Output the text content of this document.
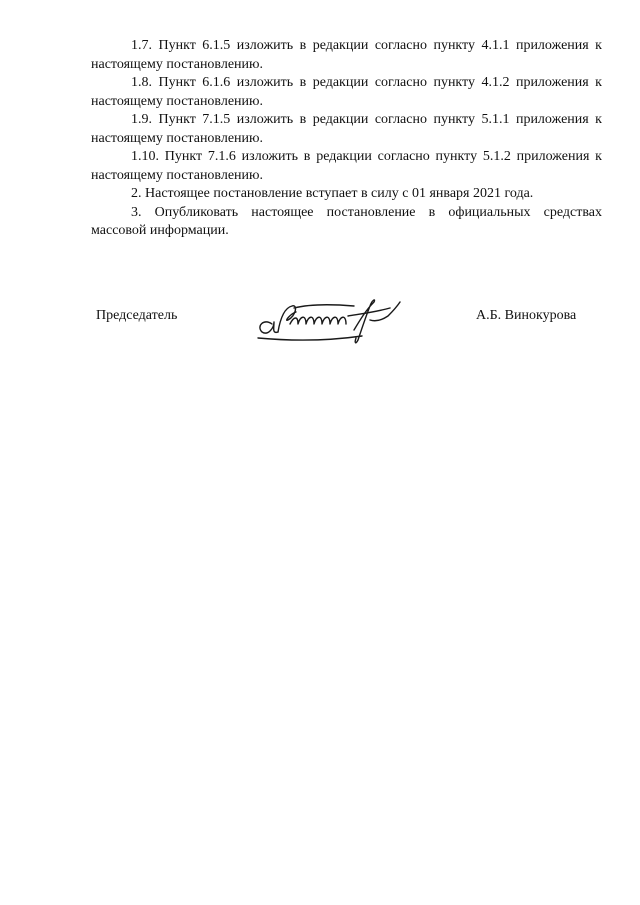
1.7. Пункт 6.1.5 изложить в редакции согласно пункту 4.1.1 приложения к настоящему постановлению.

1.8. Пункт 6.1.6 изложить в редакции согласно пункту 4.1.2 приложения к настоящему постановлению.

1.9. Пункт 7.1.5 изложить в редакции согласно пункту 5.1.1 приложения к настоящему постановлению.

1.10. Пункт 7.1.6 изложить в редакции согласно пункту 5.1.2 приложения к настоящему постановлению.

2. Настоящее постановление вступает в силу с 01 января 2021 года.

3. Опубликовать настоящее постановление в официальных средствах массовой информации.

Председатель	А.Б. Винокурова
